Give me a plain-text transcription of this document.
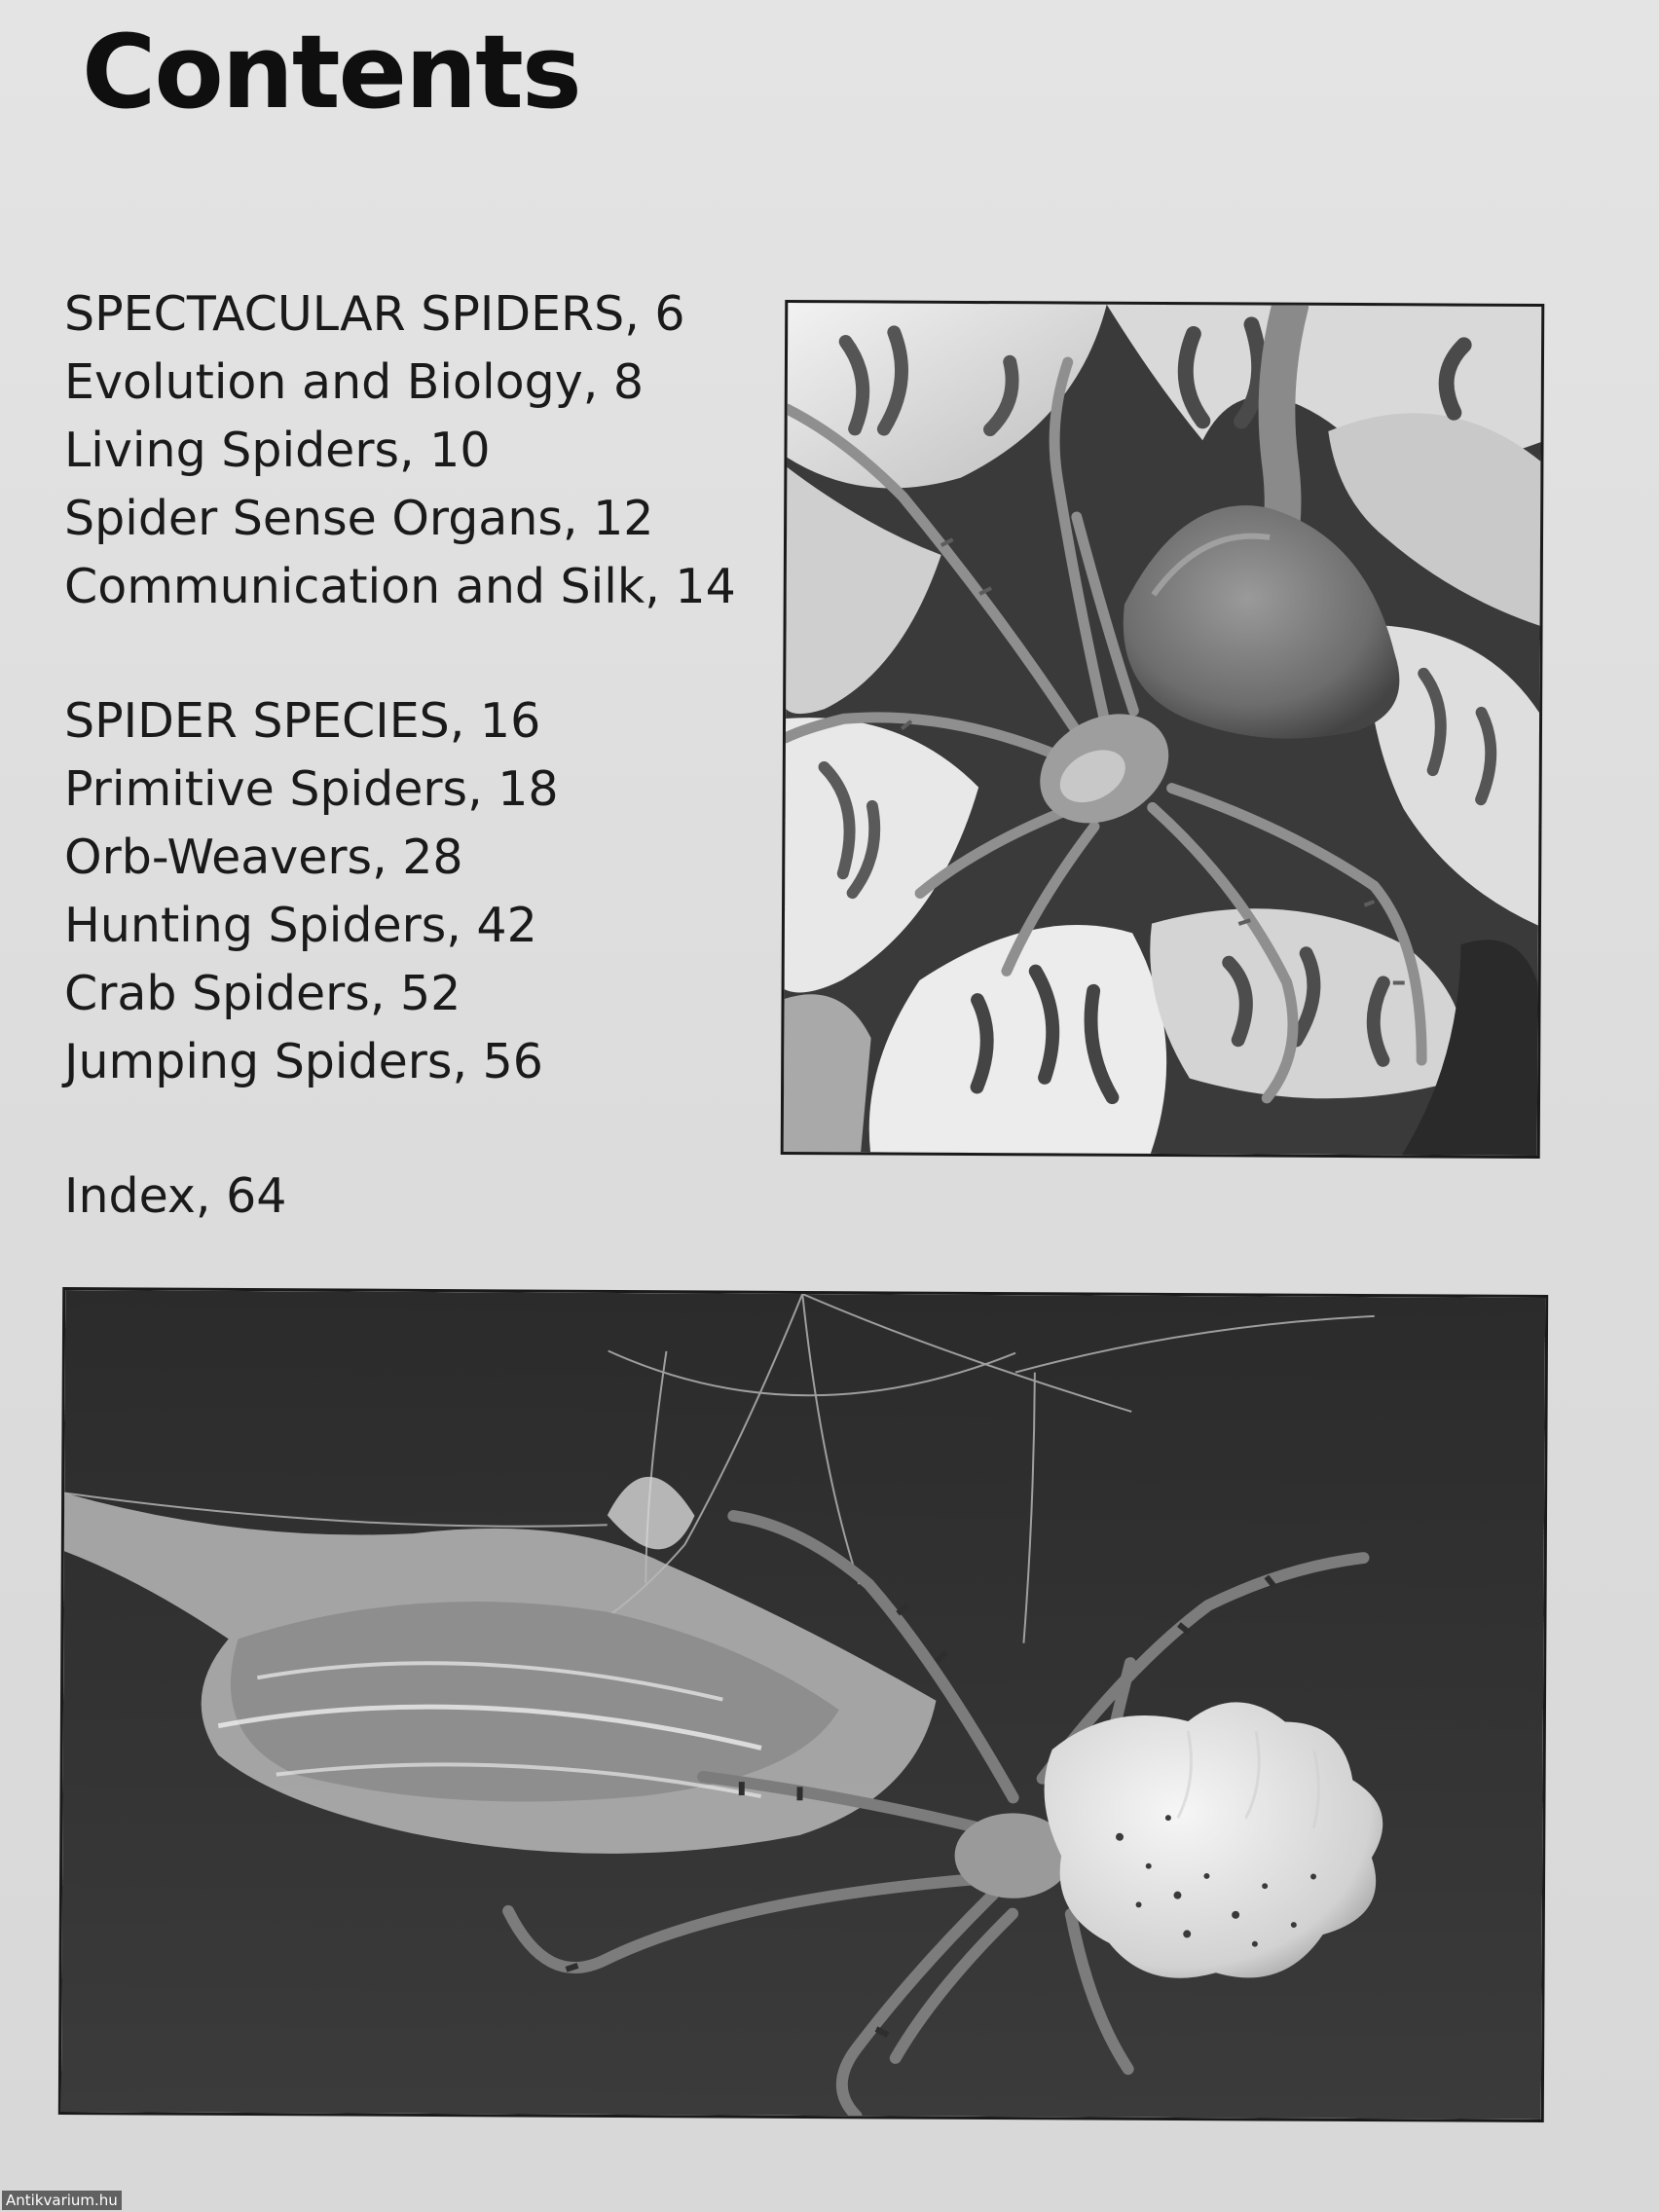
Contents
SPECTACULAR SPIDERS, 6
Evolution and Biology, 8
Living Spiders, 10
Spider Sense Organs, 12
Communication and Silk, 14
SPIDER SPECIES, 16
Primitive Spiders, 18
Orb-Weavers, 28
Hunting Spiders, 42
Crab Spiders, 52
Jumping Spiders, 56
Index, 64
Antikvarium.hu
